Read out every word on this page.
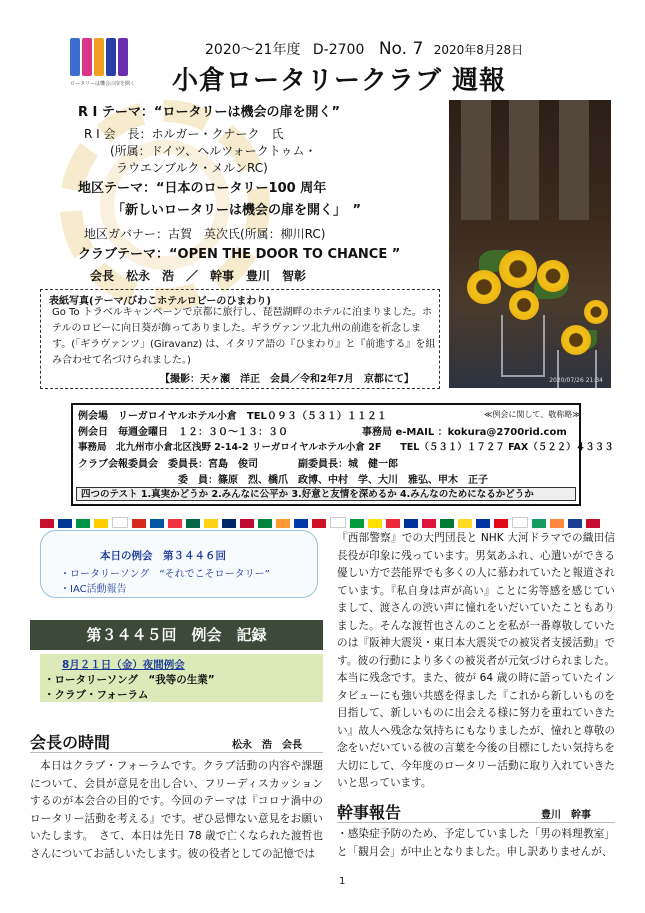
ロータリーは機会の扉を開く
2020～21年度 D-2700 No. 7 2020年8月28日
小倉ロータリークラブ 週報
R I テーマ：“ロータリーは機会の扉を開く”
R I 会　長：ホルガー・クナーク　氏
(所属：ドイツ、ヘルツォークトゥム・
ラウエンブルク・メルンRC)
地区テーマ：“日本のロータリー100 周年
「新しいロータリーは機会の扉を開く」　”
地区ガバナー：古賀　英次氏(所属：柳川RC)
クラブテーマ：“OPEN THE DOOR TO CHANCE ”
会長　松永　浩　／　幹事　豊川　智彰
2020/07/26 21:34
表紙写真(テーマ/びわこホテルロビーのひまわり)
Go To トラベルキャンペーンで京都に旅行し、琵琶湖畔のホテルに泊まりました。ホテルのロビーに向日葵が飾ってありました。ギラヴァンツ北九州の前進を祈念します。(「ギラヴァンツ」(Giravanz) は、イタリア語の『ひまわり』と『前進する』を組み合わせて名づけられました。)
【撮影：天ヶ瀬　洋正　会員／令和2年7月　京都にて】
例会場　リーガロイヤルホテル小倉　TEL０９３（５３１）１１２１	≪例会に関して、敬称略≫
例会日　毎週金曜日　１２：３０～１３：３０	事務局 e-MAIL ：kokura@2700rid.com
事務局　北九州市小倉北区浅野 2-14-2 リーガロイヤルホテル小倉 2F　　TEL（５３１）１７２７ FAX（５２２）４３３３
クラブ会報委員会　委員長：宮島　俊司　　　　副委員長：城　健一郎
委　員：篠原　烈、橋爪　政博、中村　学、大川　雅弘、甲木　正子
四つのテスト 1.真実かどうか 2.みんなに公平か 3.好意と友情を深めるか 4.みんなのためになるかどうか
本日の例会　第３４４６回
・ロータリーソング　“それでこそロータリー”
・IAC活動報告
第３４４５回　例会　記録
8月２１日（金）夜間例会
・ロータリーソング　“我等の生業”
・クラブ・フォーラム
会長の時間	松永　浩　会長
本日はクラブ・フォーラムです。クラブ活動の内容や課題について、会員が意見を出し合い、フリーディスカッションするのが本会合の目的です。今回のテーマは『コロナ渦中のロータリー活動を考える』です。ぜひ忌憚ない意見をお願いいたします。　さて、本日は先日 78 歳で亡くなられた渡哲也さんについてお話しいたします。彼の役者としての記憶では
『西部警察』での大門団長と NHK 大河ドラマでの織田信長役が印象に残っています。男気あふれ、心遣いができる優しい方で芸能界でも多くの人に慕われていたと報道されています。『私自身は声が高い』ことに劣等感を感じていまして、渡さんの渋い声に憧れをいだいていたこともありました。そんな渡哲也さんのことを私が一番尊敬していたのは『阪神大震災・東日本大震災での被災者支援活動』です。彼の行動により多くの被災者が元気づけられました。本当に残念です。また、彼が 64 歳の時に語っていたインタビューにも強い共感を得ました『これから新しいものを目指して、新しいものに出会える様に努力を重ねていきたい』故人へ残念な気持ちにもなりましたが、憧れと尊敬の念をいだいている彼の言葉を今後の目標にしたい気持ちを大切にして、今年度のロータリー活動に取り入れていきたいと思っています。
幹事報告	豊川　幹事
・感染症予防のため、予定していました「男の料理教室」と「観月会」が中止となりました。申し訳ありませんが、
1
